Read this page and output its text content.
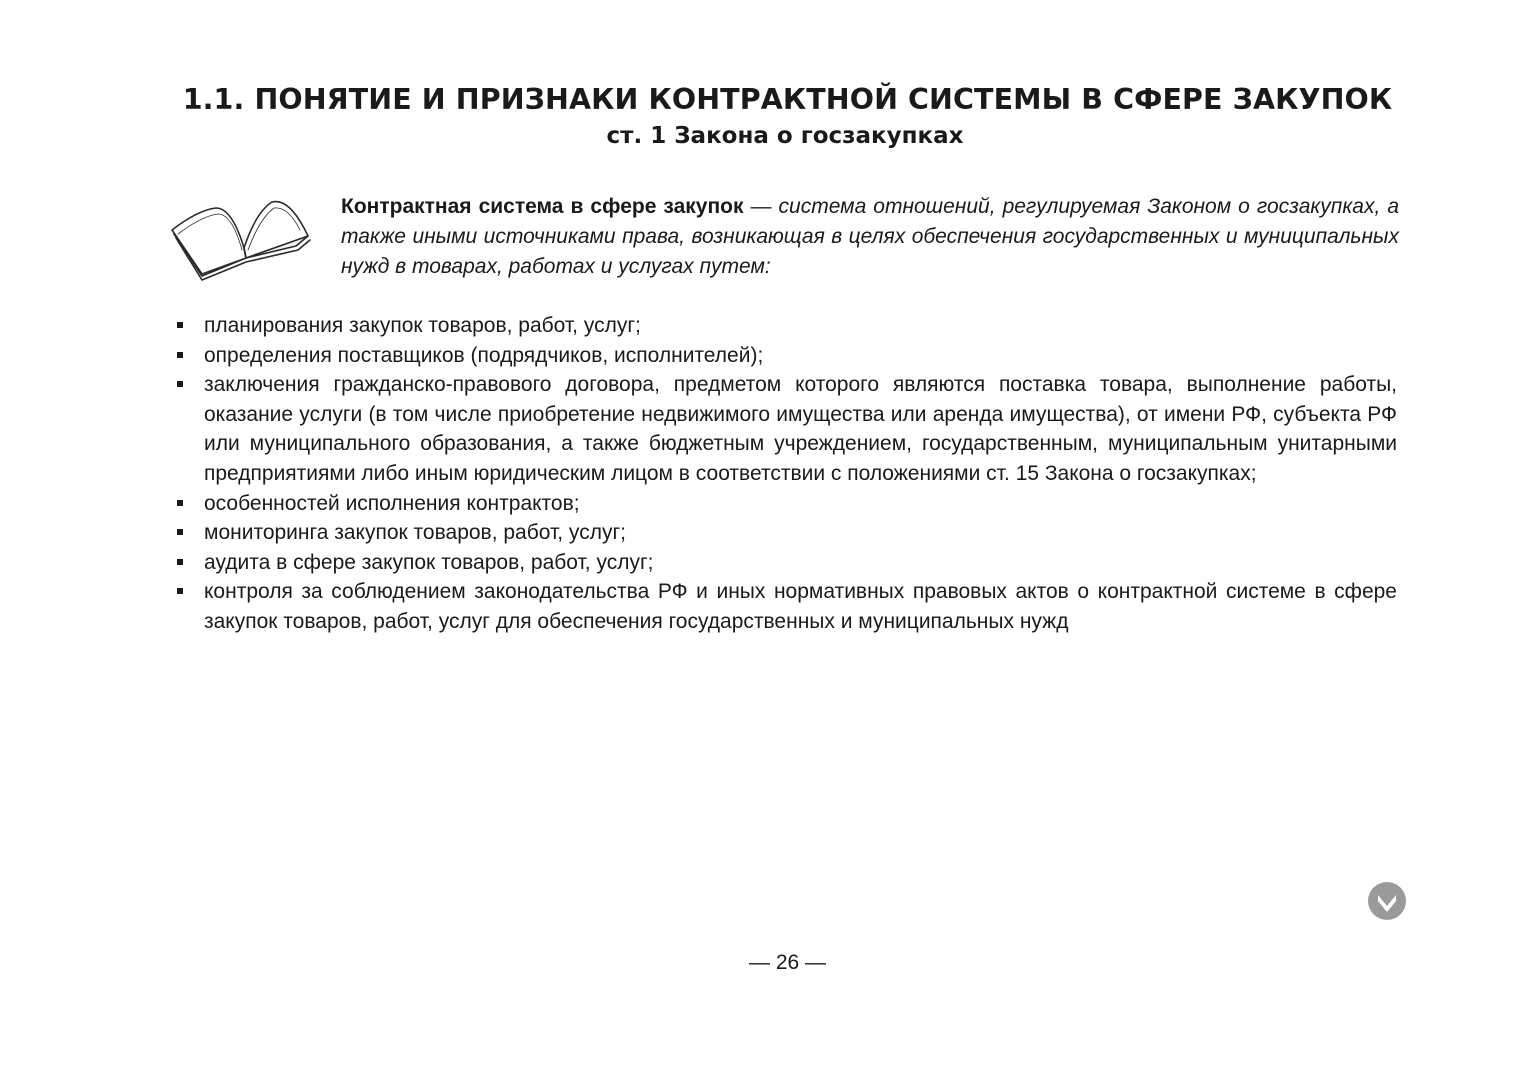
1.1. ПОНЯТИЕ И ПРИЗНАКИ КОНТРАКТНОЙ СИСТЕМЫ В СФЕРЕ ЗАКУПОК
ст. 1 Закона о госзакупках
Контрактная система в сфере закупок — система отношений, регулируемая Законом о госзакупках, а также иными источниками права, возникающая в целях обеспечения государственных и муниципальных нужд в товарах, работах и услугах путем:
планирования закупок товаров, работ, услуг;
определения поставщиков (подрядчиков, исполнителей);
заключения гражданско-правового договора, предметом которого являются поставка товара, выполнение работы, оказание услуги (в том числе приобретение недвижимого имущества или аренда имущества), от имени РФ, субъекта РФ или муниципального образования, а также бюджетным учреждением, государственным, муниципальным унитарными предприятиями либо иным юридическим лицом в соответствии с положениями ст. 15 Закона о госзакупках;
особенностей исполнения контрактов;
мониторинга закупок товаров, работ, услуг;
аудита в сфере закупок товаров, работ, услуг;
контроля за соблюдением законодательства РФ и иных нормативных правовых актов о контрактной системе в сфере закупок товаров, работ, услуг для обеспечения государственных и муниципальных нужд
— 26 —
